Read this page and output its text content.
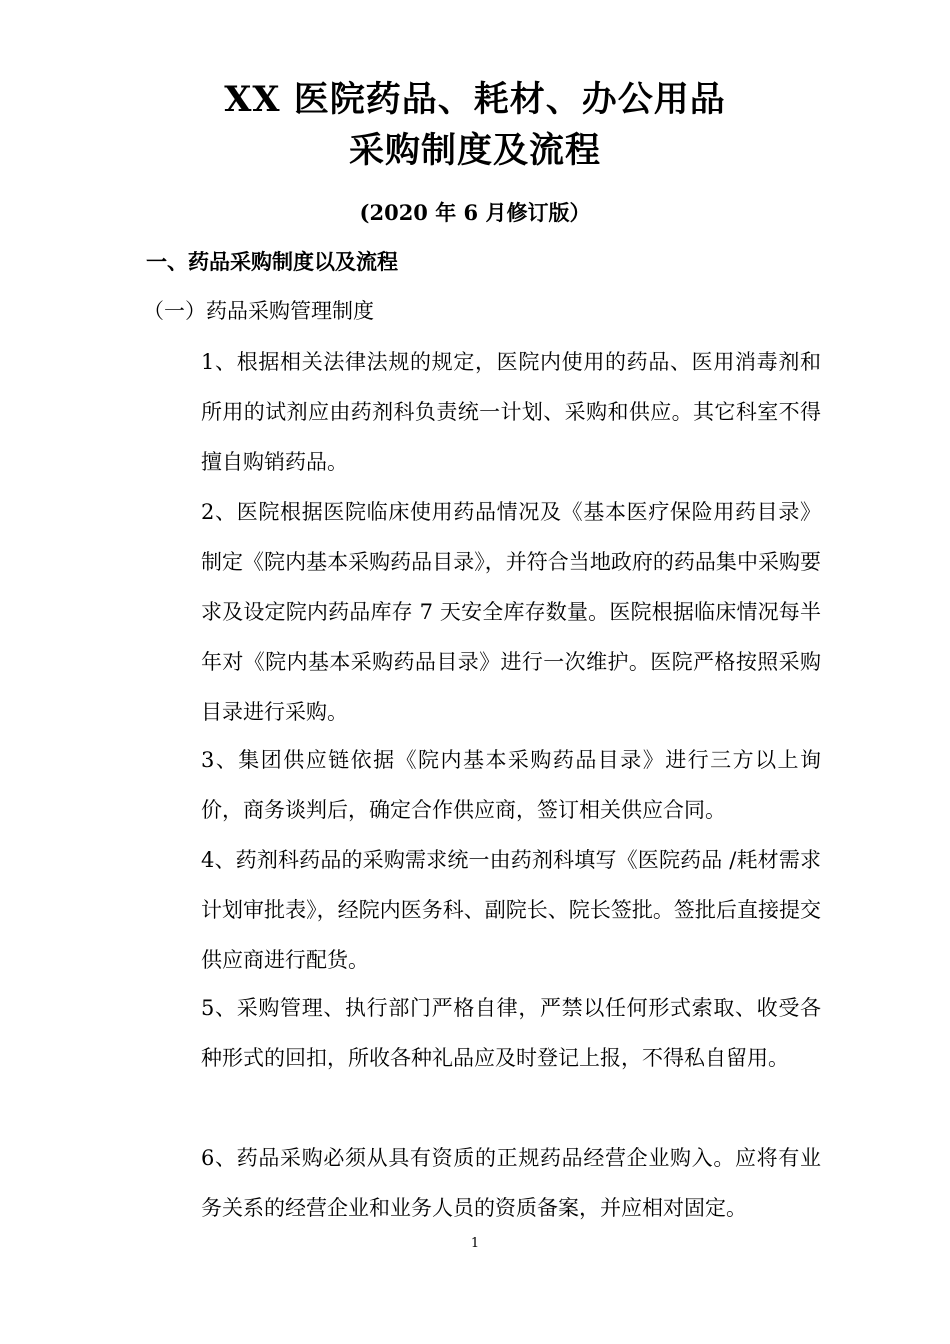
XX 医院药品、耗材、办公用品
采购制度及流程
(2020 年 6 月修订版）
一、药品采购制度以及流程
（一）药品采购管理制度
1、根据相关法律法规的规定，医院内使用的药品、医用消毒剂和所用的试剂应由药剂科负责统一计划、采购和供应。其它科室不得擅自购销药品。
2、医院根据医院临床使用药品情况及《基本医疗保险用药目录》制定《院内基本采购药品目录》，并符合当地政府的药品集中采购要求及设定院内药品库存 7 天安全库存数量。医院根据临床情况每半年对《院内基本采购药品目录》进行一次维护。医院严格按照采购目录进行采购。
3、集团供应链依据《院内基本采购药品目录》进行三方以上询价，商务谈判后，确定合作供应商，签订相关供应合同。
4、药剂科药品的采购需求统一由药剂科填写《医院药品 /耗材需求计划审批表》，经院内医务科、副院长、院长签批。签批后直接提交供应商进行配货。
5、采购管理、执行部门严格自律，严禁以任何形式索取、收受各种形式的回扣，所收各种礼品应及时登记上报，不得私自留用。
6、药品采购必须从具有资质的正规药品经营企业购入。应将有业务关系的经营企业和业务人员的资质备案，并应相对固定。
1
